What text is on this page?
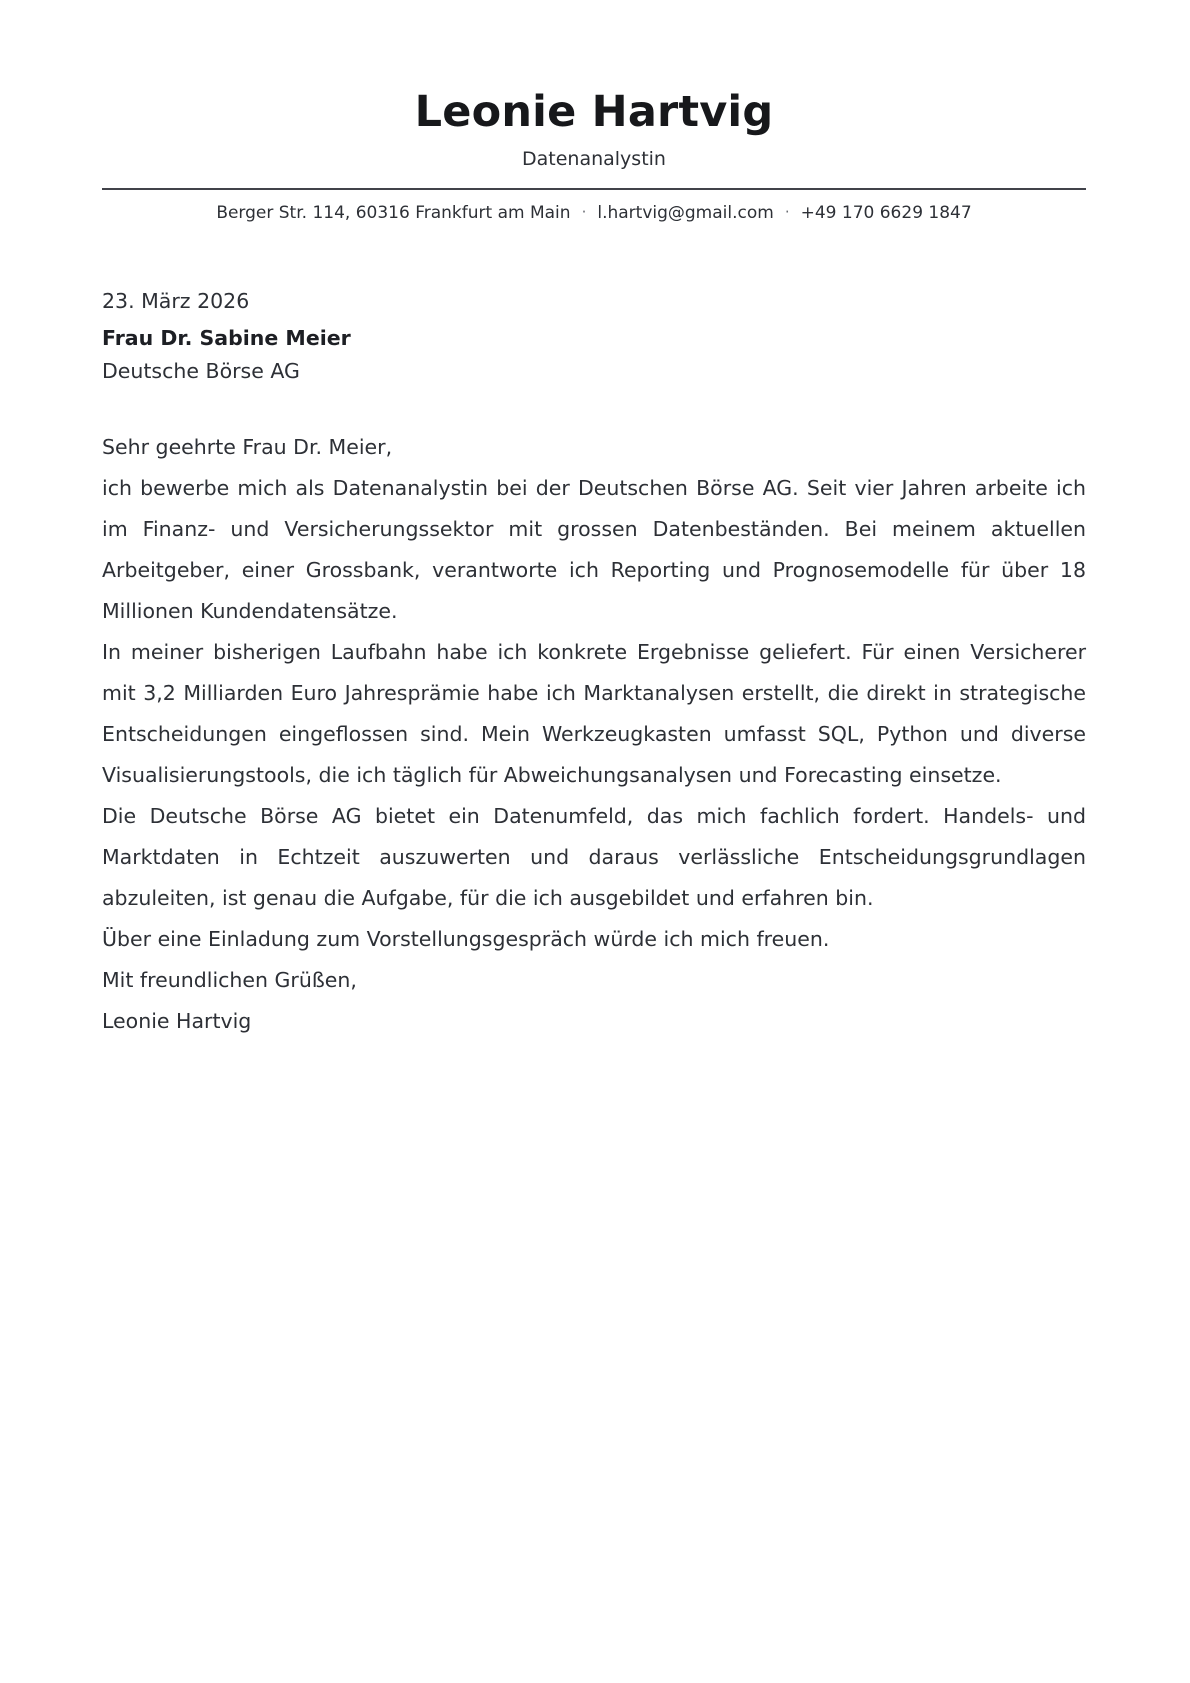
Leonie Hartvig
Datenanalystin
Berger Str. 114, 60316 Frankfurt am Main · l.hartvig@gmail.com · +49 170 6629 1847

23. März 2026

Frau Dr. Sabine Meier

Deutsche Börse AG

Sehr geehrte Frau Dr. Meier,

ich bewerbe mich als Datenanalystin bei der Deutschen Börse AG. Seit vier Jahren arbeite ich im Finanz- und Versicherungssektor mit grossen Datenbeständen. Bei meinem aktuellen Arbeitgeber, einer Grossbank, verantworte ich Reporting und Prognosemodelle für über 18 Millionen Kundendatensätze.

In meiner bisherigen Laufbahn habe ich konkrete Ergebnisse geliefert. Für einen Versicherer mit 3,2 Milliarden Euro Jahresprämie habe ich Marktanalysen erstellt, die direkt in strategische Entscheidungen eingeflossen sind. Mein Werkzeugkasten umfasst SQL, Python und diverse Visualisierungstools, die ich täglich für Abweichungsanalysen und Forecasting einsetze.

Die Deutsche Börse AG bietet ein Datenumfeld, das mich fachlich fordert. Handels- und Marktdaten in Echtzeit auszuwerten und daraus verlässliche Entscheidungsgrundlagen abzuleiten, ist genau die Aufgabe, für die ich ausgebildet und erfahren bin.

Über eine Einladung zum Vorstellungsgespräch würde ich mich freuen.

Mit freundlichen Grüßen,

Leonie Hartvig
